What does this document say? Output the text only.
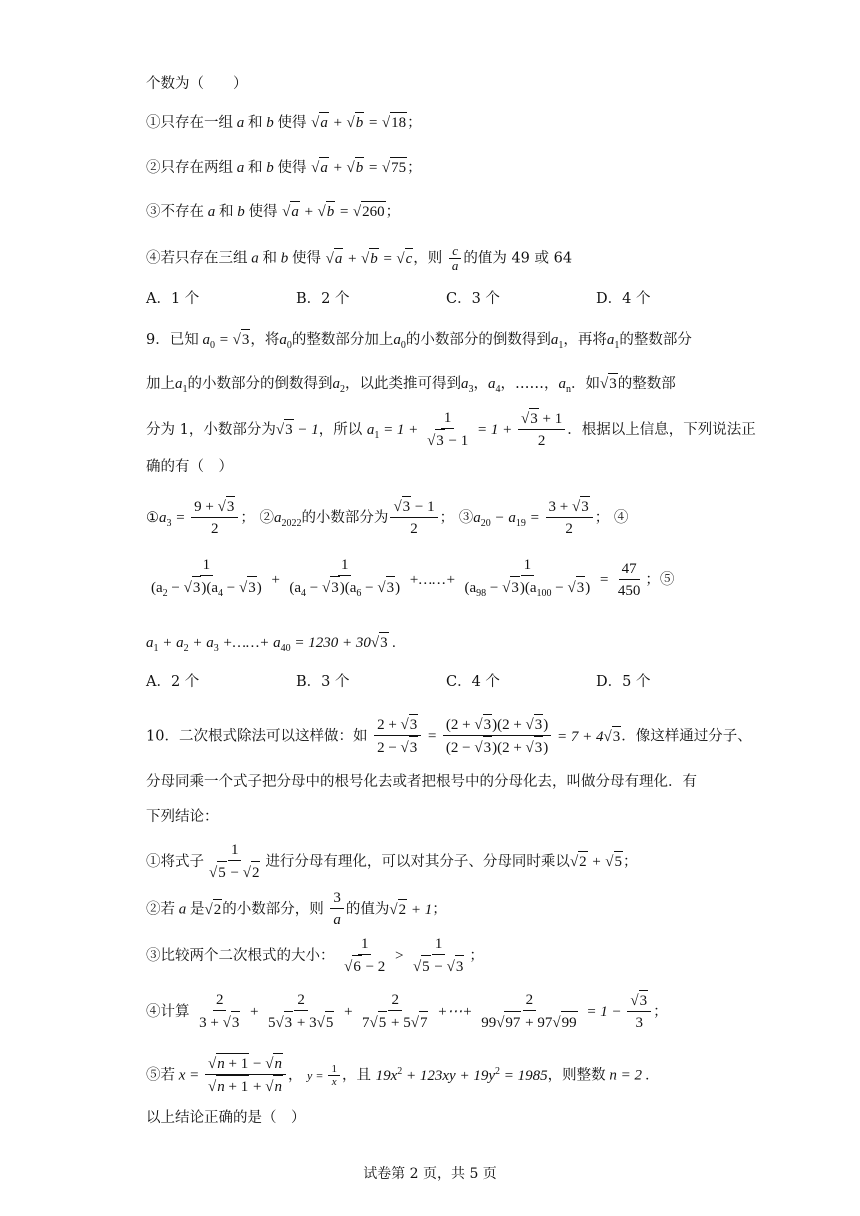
个数为（　　）
①只存在一组 a 和 b 使得 √a + √b = √18；
②只存在两组 a 和 b 使得 √a + √b = √75；
③不存在 a 和 b 使得 √a + √b = √260；
④若只存在三组 a 和 b 使得 √a + √b = √c，则 $\frac{c}{a}$ 的值为 49 或 64
A．1 个	B．2 个	C．3 个	D．4 个
9．已知 $a_0 = √3$，将$a_0$的整数部分加上$a_0$的小数部分的倒数得到$a_1$，再将$a_1$的整数部分
加上$a_1$的小数部分的倒数得到$a_2$，以此类推可得到$a_3$，$a_4$，……，$a_n$．如√3的整数部
分为 1，小数部分为√3 − 1，所以 $a_1 = 1 + \frac{1}{√3 - 1} = 1 + \frac{√3 + 1}{2}$ ．根据以上信息，下列说法正
确的有（　）
$①a_3 = \frac{9 + √3}{2}$ ； $②a_{2022}$的小数部分为 $\frac{√3 - 1}{2}$ ； $③a_{20} - a_{19} = \frac{3 + √3}{2}$ ； ④
$\frac{1}{(a_2 - √3)(a_4 - √3)} + \frac{1}{(a_4 - √3)(a_6 - √3)}$ +……+ $\frac{1}{(a_{98} - √3)(a_{100} - √3)} = \frac{47}{450}$ ；⑤
$a_1 + a_2 + a_3$ +……+ $a_{40} = 1230 + 30√3$ .
A．2 个	B．3 个	C．4 个	D．5 个
10．二次根式除法可以这样做：如 $\frac{2 + √3}{2 - √3} = \frac{(2 + √3)(2 + √3)}{(2 - √3)(2 + √3)} = 7 + 4√3$．像这样通过分子、
分母同乘一个式子把分母中的根号化去或者把根号中的分母化去，叫做分母有理化．有
下列结论：
①将式子 $\frac{1}{√5 - √2}$ 进行分母有理化，可以对其分子、分母同时乘以√2 + √5；
②若 a 是√2的小数部分，则 $\frac{3}{a}$ 的值为√2 + 1；
③比较两个二次根式的大小： $\frac{1}{√6 - 2} > \frac{1}{√5 - √3}$ ；
④计算 $\frac{2}{3 + √3} + \frac{2}{5√3 + 3√5} + \frac{2}{7√5 + 5√7}$ +⋯+ $\frac{2}{99√97 + 97√99} = 1 - \frac{√3}{3}$ ；
⑤若 $x = \frac{√n + 1 - √n}{√n + 1 + √n}$ ， $y = \frac{1}{x}$ ，且 $19x^2 + 123xy + 19y^2 = 1985$，则整数 n = 2 .
以上结论正确的是（　）
试卷第 2 页，共 5 页
